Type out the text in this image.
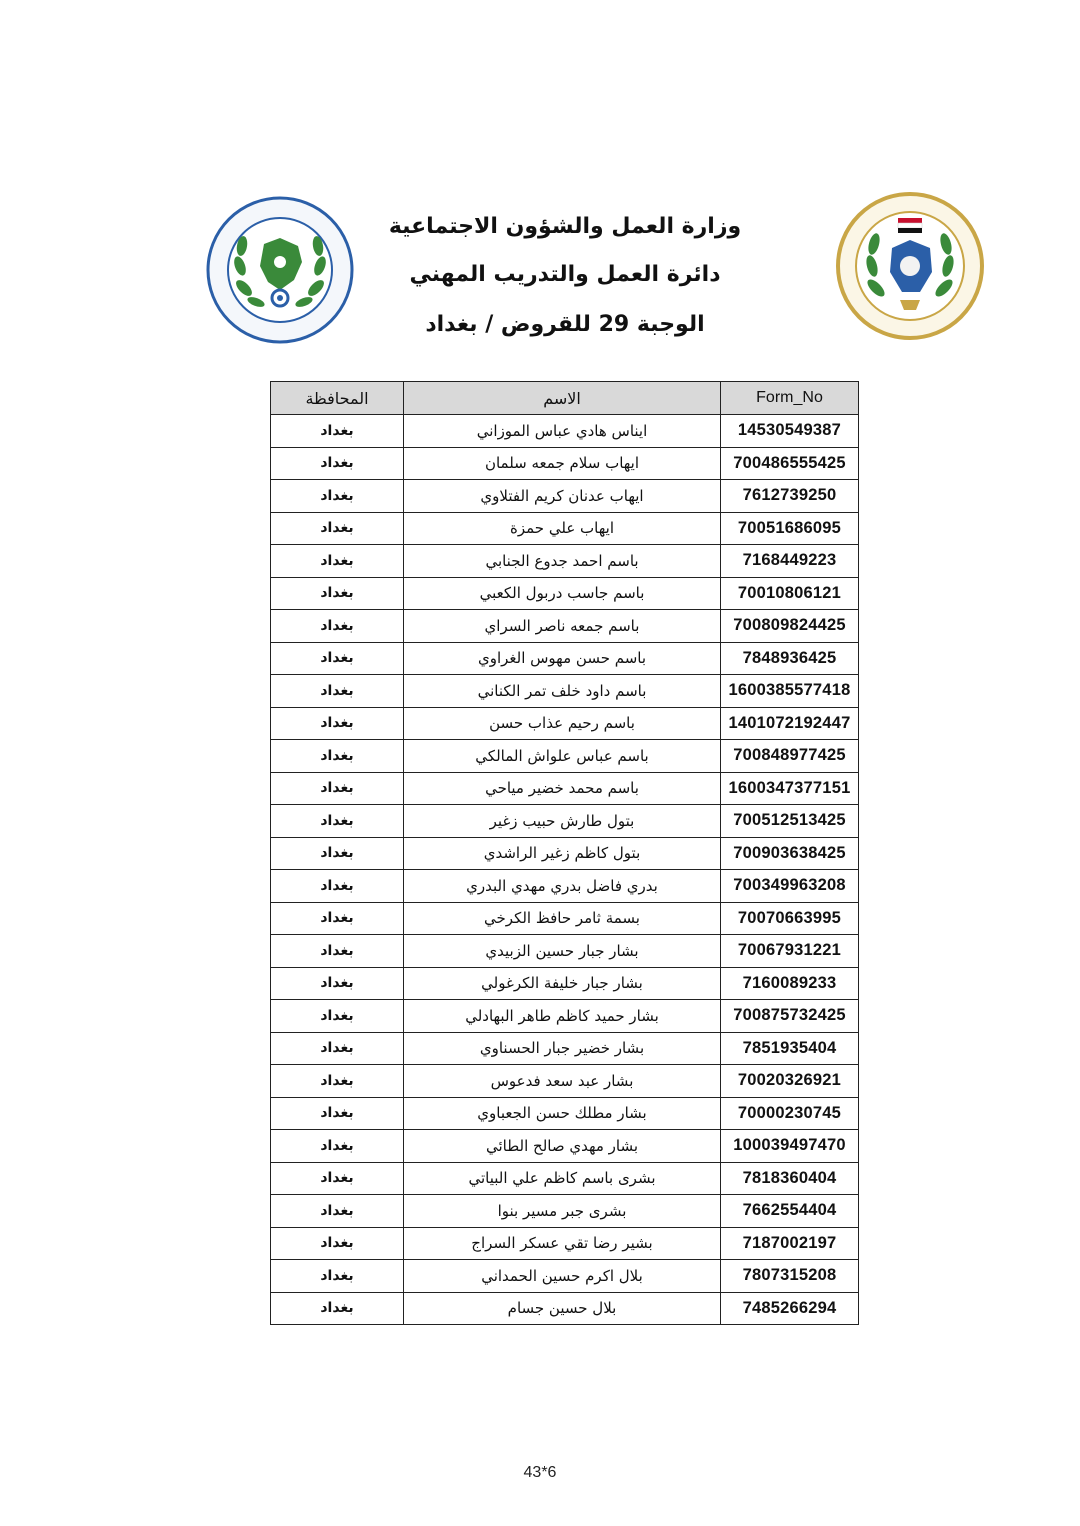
وزارة العمل والشؤون الاجتماعية
دائرة العمل والتدريب المهني
الوجبة 29 للقروض / بغداد
المحافظة	الاسم	Form_No
بغداد	ايناس هادي عباس الموزاني	14530549387
بغداد	ايهاب سلام جمعه سلمان	700486555425
بغداد	ايهاب عدنان كريم الفتلاوي	7612739250
بغداد	ايهاب علي حمزة	70051686095
بغداد	باسم احمد جدوع الجنابي	7168449223
بغداد	باسم جاسب دربول الكعبي	70010806121
بغداد	باسم جمعه ناصر السراي	700809824425
بغداد	باسم حسن مهوس الغراوي	7848936425
بغداد	باسم داود خلف تمر الكناني	1600385577418
بغداد	باسم رحيم عذاب حسن	1401072192447
بغداد	باسم عباس علواش المالكي	700848977425
بغداد	باسم محمد خضير مياحي	1600347377151
بغداد	بتول طارش حبيب زغير	700512513425
بغداد	بتول كاظم زغير الراشدي	700903638425
بغداد	بدري فاضل بدري مهدي البدري	700349963208
بغداد	بسمة ثامر حافظ الكرخي	70070663995
بغداد	بشار جبار حسين الزبيدي	70067931221
بغداد	بشار جبار خليفة الكرغولي	7160089233
بغداد	بشار حميد كاظم طاهر البهادلي	700875732425
بغداد	بشار خضير جبار الحسناوي	7851935404
بغداد	بشار عبد سعد فدعوس	70020326921
بغداد	بشار مطلك حسن الجعباوي	70000230745
بغداد	بشار مهدي صالح الطائي	100039497470
بغداد	بشرى باسم كاظم علي البياتي	7818360404
بغداد	بشرى جبر مسير بنوا	7662554404
بغداد	بشير رضا تقي عسكر السراج	7187002197
بغداد	بلال اكرم حسين الحمداني	7807315208
بغداد	بلال حسين جسام	7485266294
43*6
